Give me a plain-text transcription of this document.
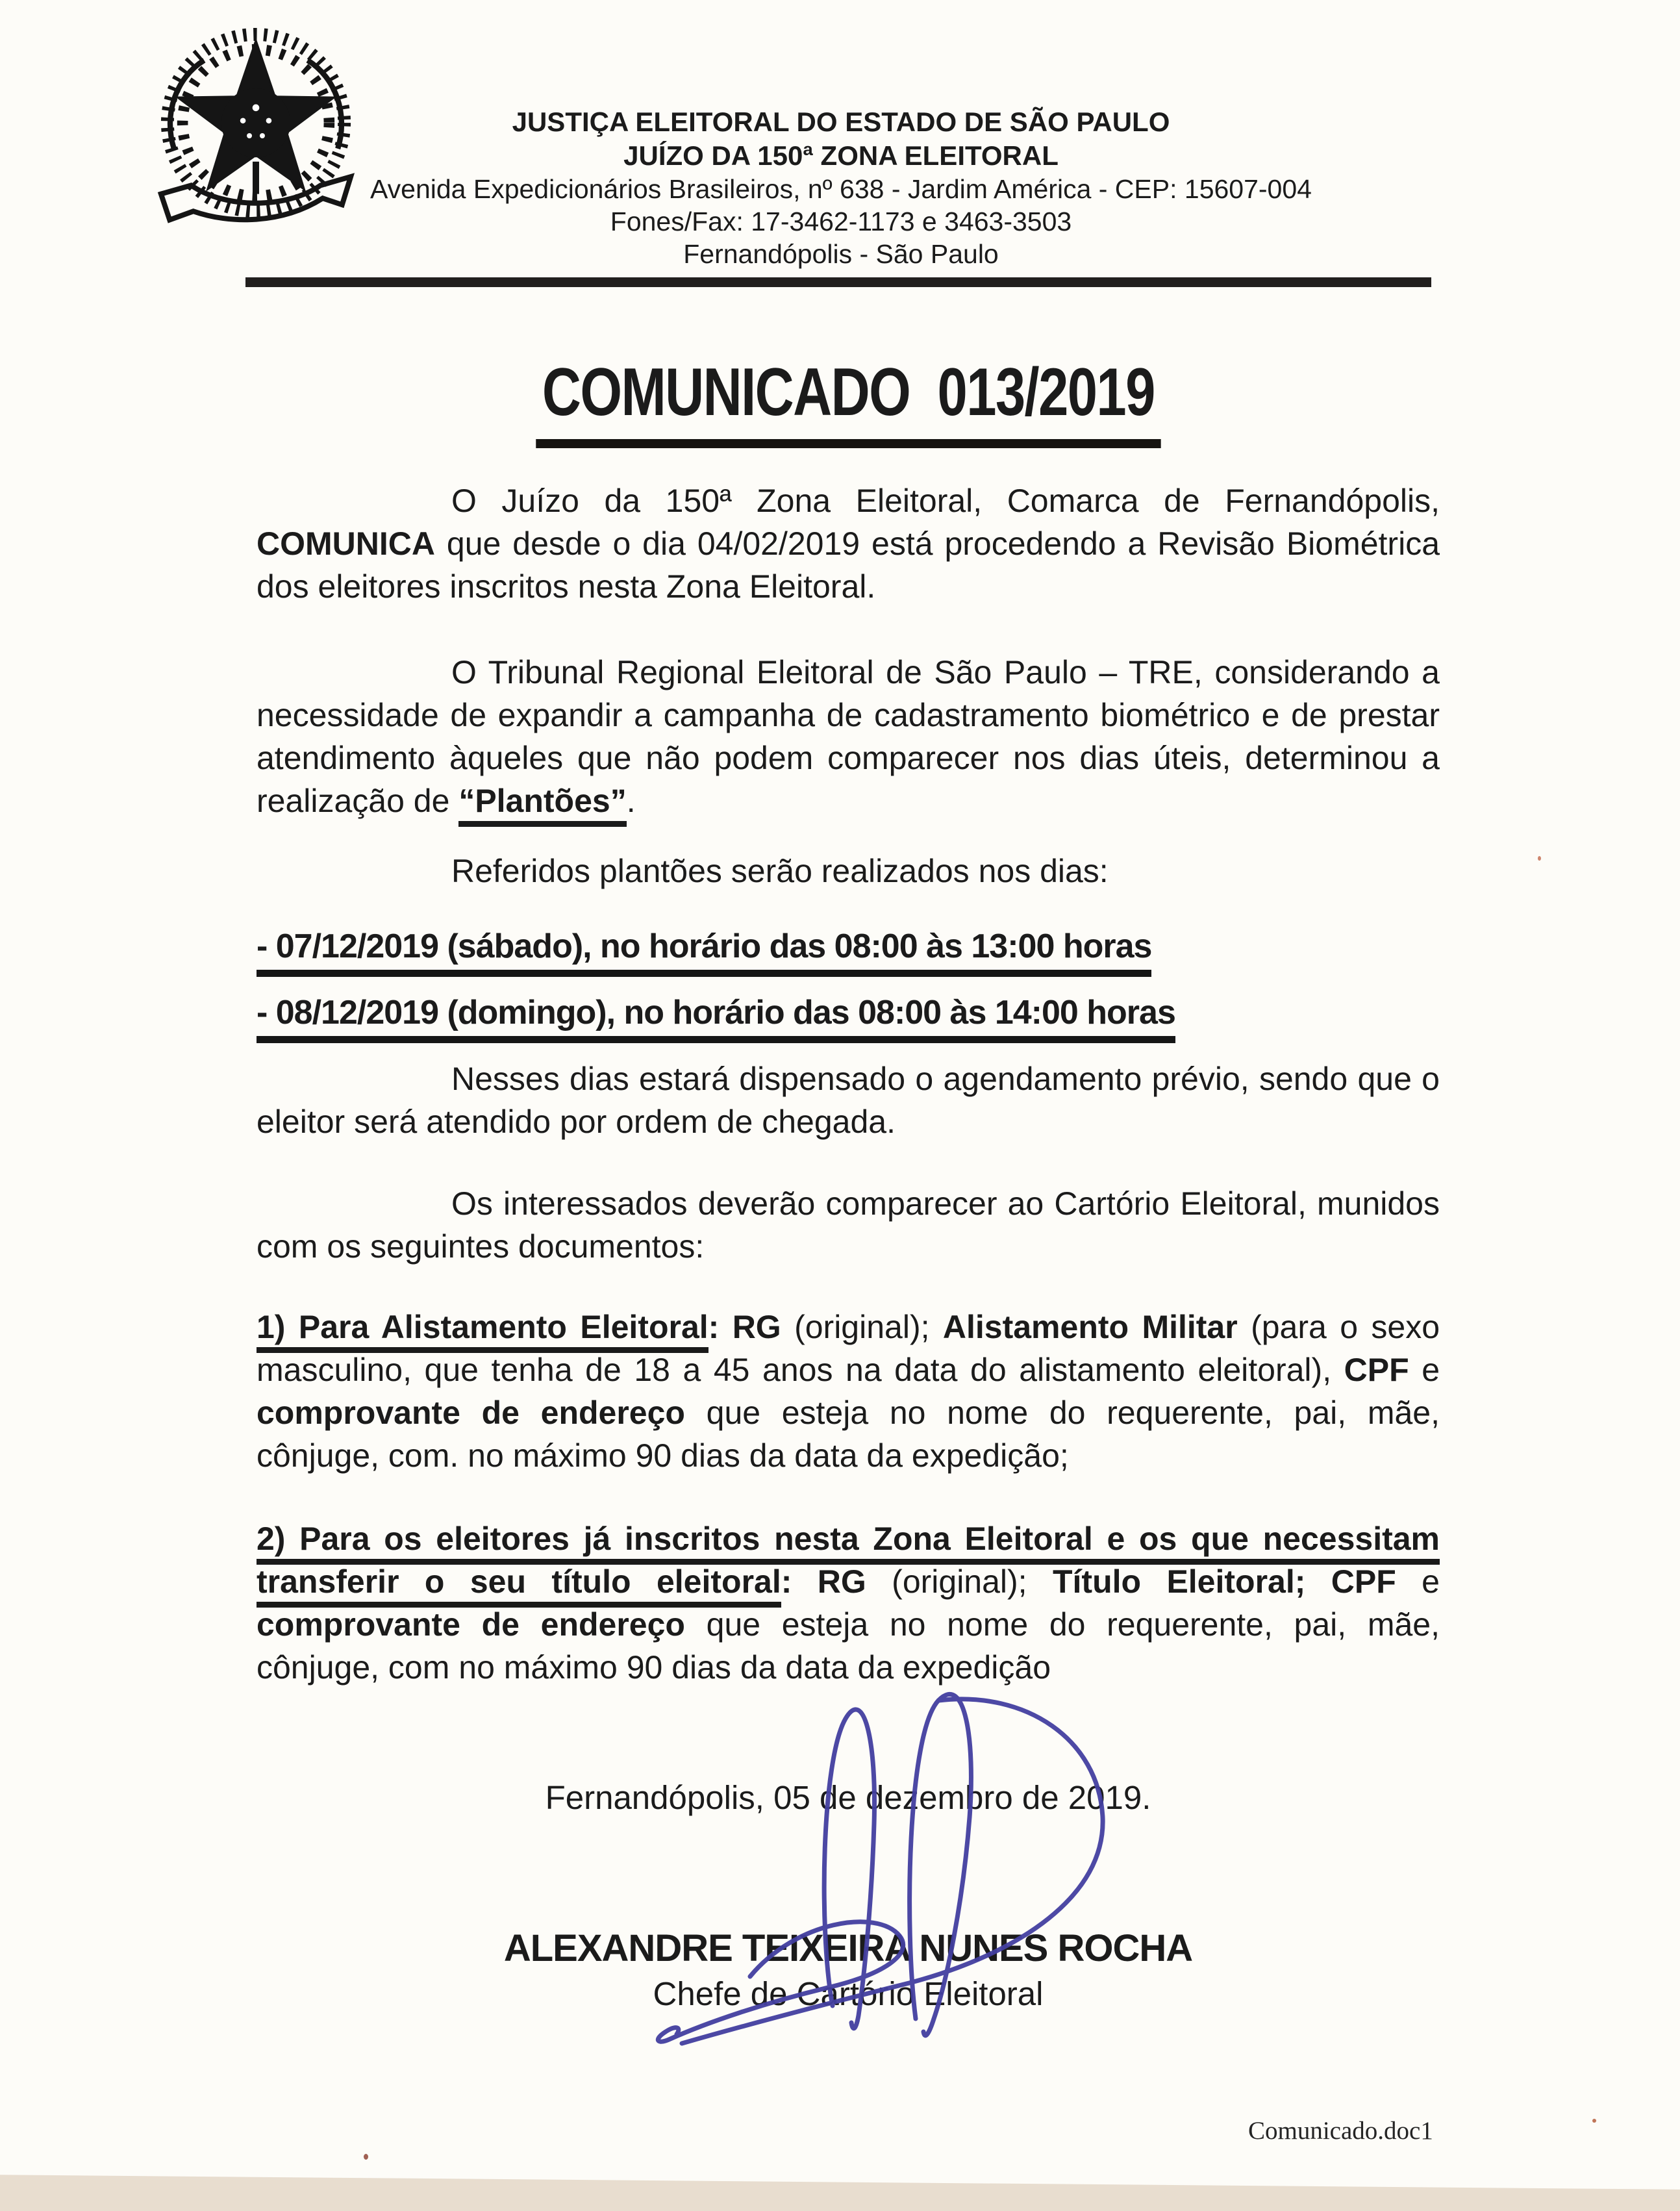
JUSTIÇA ELEITORAL DO ESTADO DE SÃO PAULO
JUÍZO DA 150ª ZONA ELEITORAL
Avenida Expedicionários Brasileiros, nº 638 - Jardim América - CEP: 15607-004
Fones/Fax: 17-3462-1173 e 3463-3503
Fernandópolis - São Paulo
COMUNICADO 013/2019

O Juízo da 150ª Zona Eleitoral, Comarca de Fernandópolis, COMUNICA que desde o dia 04/02/2019 está procedendo a Revisão Biométrica dos eleitores inscritos nesta Zona Eleitoral.

O Tribunal Regional Eleitoral de São Paulo – TRE, considerando a necessidade de expandir a campanha de cadastramento biométrico e de prestar atendimento àqueles que não podem comparecer nos dias úteis, determinou a realização de “Plantões”.

Referidos plantões serão realizados nos dias:

- 07/12/2019 (sábado), no horário das 08:00 às 13:00 horas
- 08/12/2019 (domingo), no horário das 08:00 às 14:00 horas

Nesses dias estará dispensado o agendamento prévio, sendo que o eleitor será atendido por ordem de chegada.

Os interessados deverão comparecer ao Cartório Eleitoral, munidos com os seguintes documentos:

1) Para Alistamento Eleitoral: RG (original); Alistamento Militar (para o sexo masculino, que tenha de 18 a 45 anos na data do alistamento eleitoral), CPF e comprovante de endereço que esteja no nome do requerente, pai, mãe, cônjuge, com. no máximo 90 dias da data da expedição;

2) Para os eleitores já inscritos nesta Zona Eleitoral e os que necessitam transferir o seu título eleitoral: RG (original); Título Eleitoral; CPF e comprovante de endereço que esteja no nome do requerente, pai, mãe, cônjuge, com no máximo 90 dias da data da expedição

Fernandópolis, 05 de dezembro de 2019.

ALEXANDRE TEIXEIRA NUNES ROCHA

Chefe de Cartório Eleitoral

Comunicado.doc1
